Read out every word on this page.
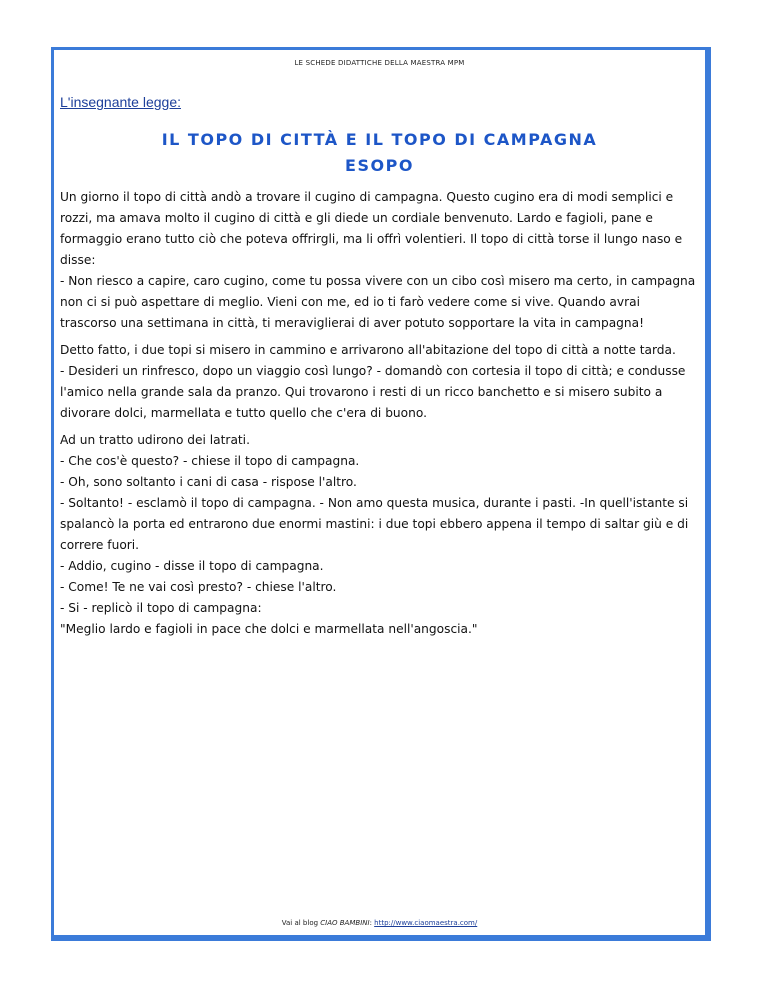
LE SCHEDE DIDATTICHE DELLA MAESTRA MPM
L'insegnante legge:
IL TOPO DI CITTÀ E IL TOPO DI CAMPAGNA
ESOPO

Un giorno il topo di città andò a trovare il cugino di campagna. Questo cugino era di modi semplici e rozzi, ma amava molto il cugino di città e gli diede un cordiale benvenuto. Lardo e fagioli, pane e formaggio erano tutto ciò che poteva offrirgli, ma li offrì volentieri. Il topo di città torse il lungo naso e disse:
- Non riesco a capire, caro cugino, come tu possa vivere con un cibo così misero ma certo, in campagna non ci si può aspettare di meglio. Vieni con me, ed io ti farò vedere come si vive. Quando avrai trascorso una settimana in città, ti meraviglierai di aver potuto sopportare la vita in campagna!

Detto fatto, i due topi si misero in cammino e arrivarono all'abitazione del topo di città a notte tarda.
- Desideri un rinfresco, dopo un viaggio così lungo? - domandò con cortesia il topo di città; e condusse l'amico nella grande sala da pranzo. Qui trovarono i resti di un ricco banchetto e si misero subito a divorare dolci, marmellata e tutto quello che c'era di buono.

Ad un tratto udirono dei latrati.
- Che cos'è questo? - chiese il topo di campagna.
- Oh, sono soltanto i cani di casa - rispose l'altro.
- Soltanto! - esclamò il topo di campagna. - Non amo questa musica, durante i pasti. -In quell'istante si spalancò la porta ed entrarono due enormi mastini: i due topi ebbero appena il tempo di saltar giù e di correre fuori.
- Addio, cugino - disse il topo di campagna.
- Come! Te ne vai così presto? - chiese l'altro.
- Si - replicò il topo di campagna:
"Meglio lardo e fagioli in pace che dolci e marmellata nell'angoscia."

Vai al blog CIAO BAMBINI: http://www.ciaomaestra.com/
